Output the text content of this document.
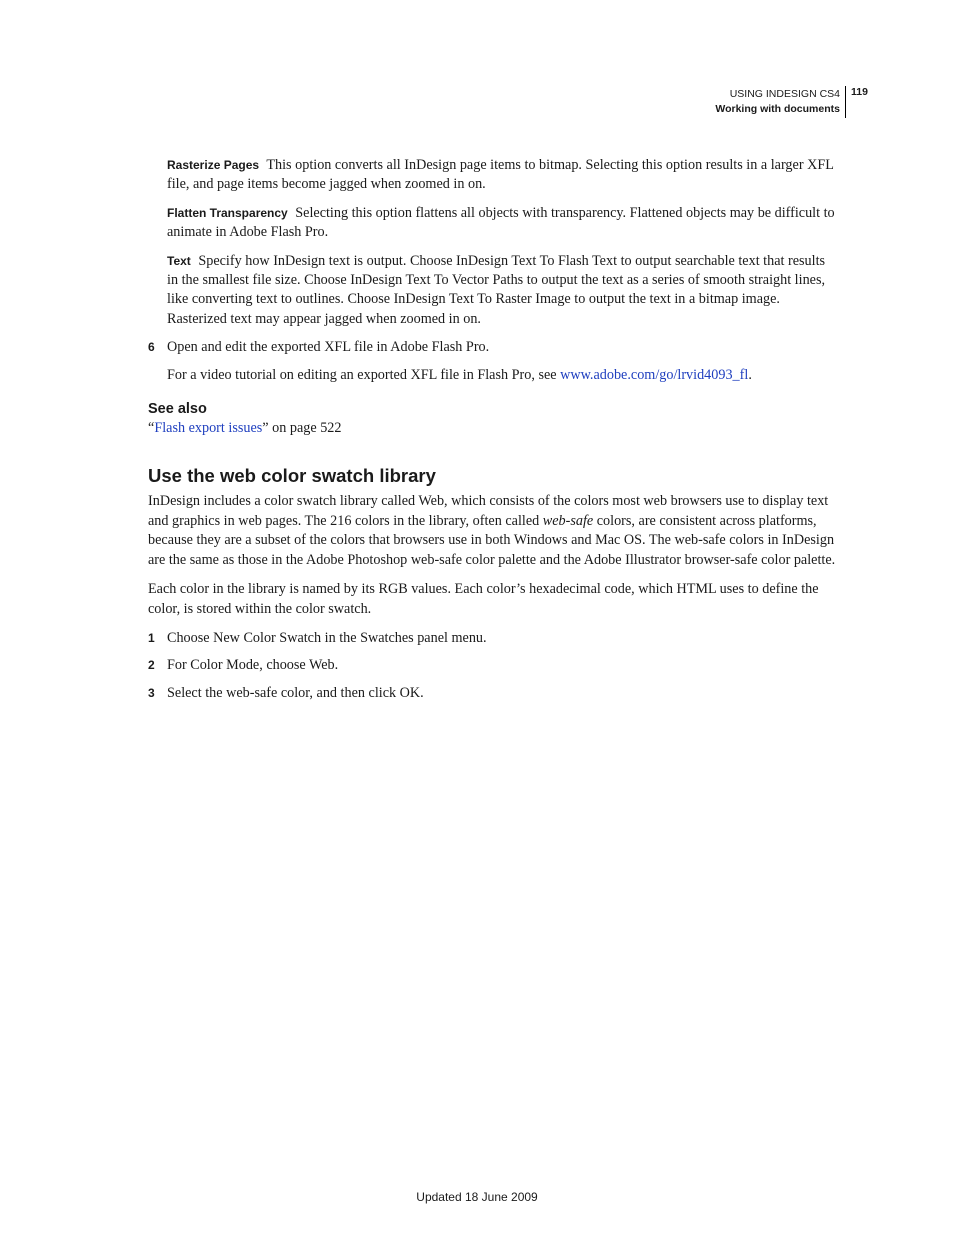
USING INDESIGN CS4
Working with documents
119

Rasterize Pages This option converts all InDesign page items to bitmap. Selecting this option results in a larger XFL file, and page items become jagged when zoomed in on.

Flatten Transparency Selecting this option flattens all objects with transparency. Flattened objects may be difficult to animate in Adobe Flash Pro.

Text Specify how InDesign text is output. Choose InDesign Text To Flash Text to output searchable text that results in the smallest file size. Choose InDesign Text To Vector Paths to output the text as a series of smooth straight lines, like converting text to outlines. Choose InDesign Text To Raster Image to output the text in a bitmap image. Rasterized text may appear jagged when zoomed in on.

6 Open and edit the exported XFL file in Adobe Flash Pro.

For a video tutorial on editing an exported XFL file in Flash Pro, see www.adobe.com/go/lrvid4093_fl.

See also

“Flash export issues” on page 522

Use the web color swatch library

InDesign includes a color swatch library called Web, which consists of the colors most web browsers use to display text and graphics in web pages. The 216 colors in the library, often called web-safe colors, are consistent across platforms, because they are a subset of the colors that browsers use in both Windows and Mac OS. The web-safe colors in InDesign are the same as those in the Adobe Photoshop web-safe color palette and the Adobe Illustrator browser-safe color palette.

Each color in the library is named by its RGB values. Each color’s hexadecimal code, which HTML uses to define the color, is stored within the color swatch.

1 Choose New Color Swatch in the Swatches panel menu.

2 For Color Mode, choose Web.

3 Select the web-safe color, and then click OK.

Updated 18 June 2009
